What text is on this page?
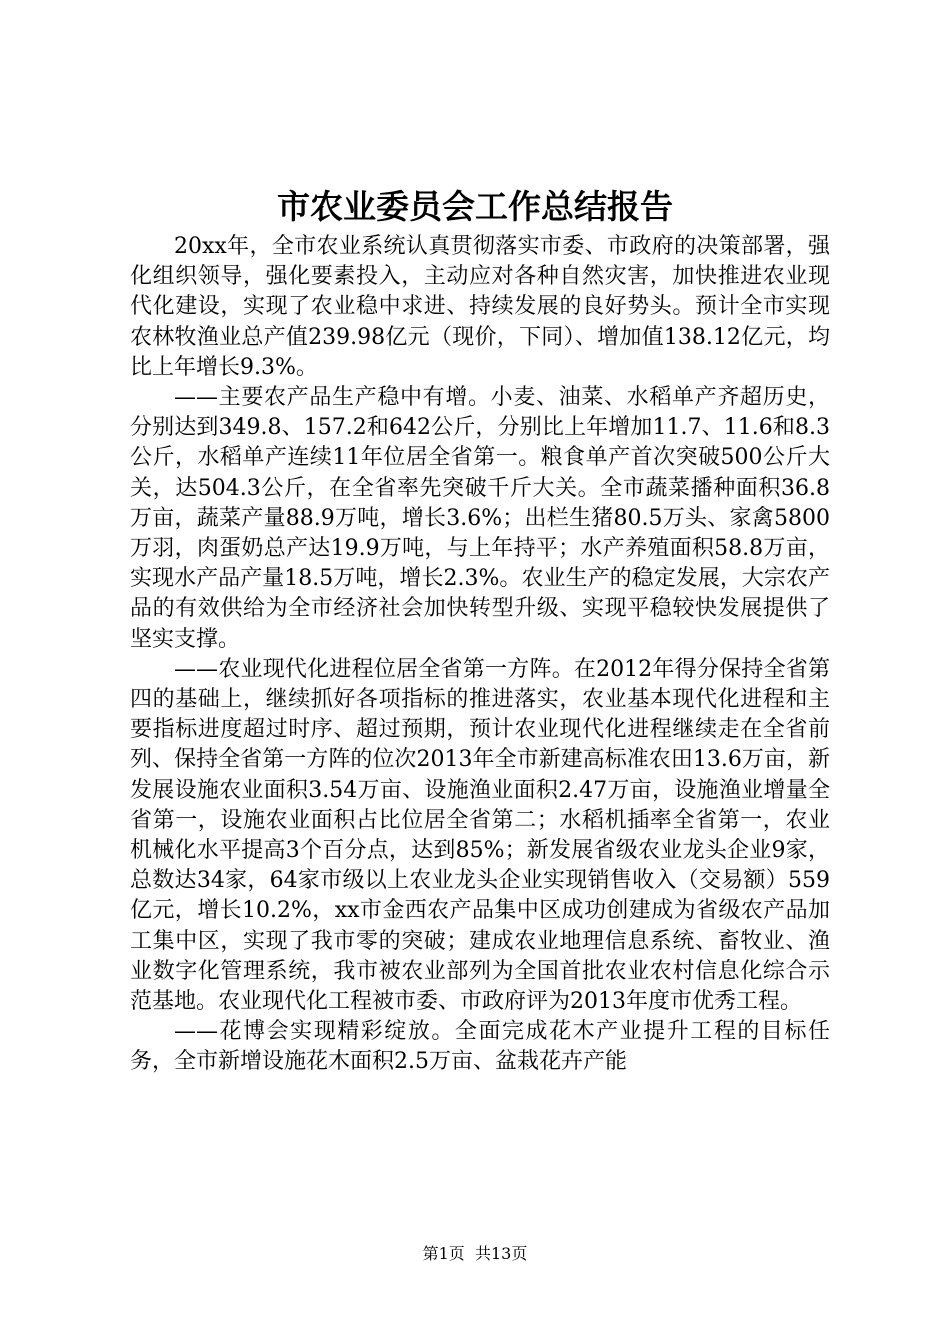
市农业委员会工作总结报告

20xx年，全市农业系统认真贯彻落实市委、市政府的决策部署，强化组织领导，强化要素投入，主动应对各种自然灾害，加快推进农业现代化建设，实现了农业稳中求进、持续发展的良好势头。预计全市实现农林牧渔业总产值239.98亿元（现价，下同）、增加值138.12亿元，均比上年增长9.3%。

——主要农产品生产稳中有增。小麦、油菜、水稻单产齐超历史，分别达到349.8、157.2和642公斤，分别比上年增加11.7、11.6和8.3公斤，水稻单产连续11年位居全省第一。粮食单产首次突破500公斤大关，达504.3公斤，在全省率先突破千斤大关。全市蔬菜播种面积36.8万亩，蔬菜产量88.9万吨，增长3.6%；出栏生猪80.5万头、家禽5800万羽，肉蛋奶总产达19.9万吨，与上年持平；水产养殖面积58.8万亩，实现水产品产量18.5万吨，增长2.3%。农业生产的稳定发展，大宗农产品的有效供给为全市经济社会加快转型升级、实现平稳较快发展提供了坚实支撑。

——农业现代化进程位居全省第一方阵。在2012年得分保持全省第四的基础上，继续抓好各项指标的推进落实，农业基本现代化进程和主要指标进度超过时序、超过预期，预计农业现代化进程继续走在全省前列、保持全省第一方阵的位次2013年全市新建高标准农田13.6万亩，新发展设施农业面积3.54万亩、设施渔业面积2.47万亩，设施渔业增量全省第一，设施农业面积占比位居全省第二；水稻机插率全省第一，农业机械化水平提高3个百分点，达到85%；新发展省级农业龙头企业9家，总数达34家，64家市级以上农业龙头企业实现销售收入（交易额）559亿元，增长10.2%，xx市金西农产品集中区成功创建成为省级农产品加工集中区，实现了我市零的突破；建成农业地理信息系统、畜牧业、渔业数字化管理系统，我市被农业部列为全国首批农业农村信息化综合示范基地。农业现代化工程被市委、市政府评为2013年度市优秀工程。

——花博会实现精彩绽放。全面完成花木产业提升工程的目标任务，全市新增设施花木面积2.5万亩、盆栽花卉产能

第1页 共13页
